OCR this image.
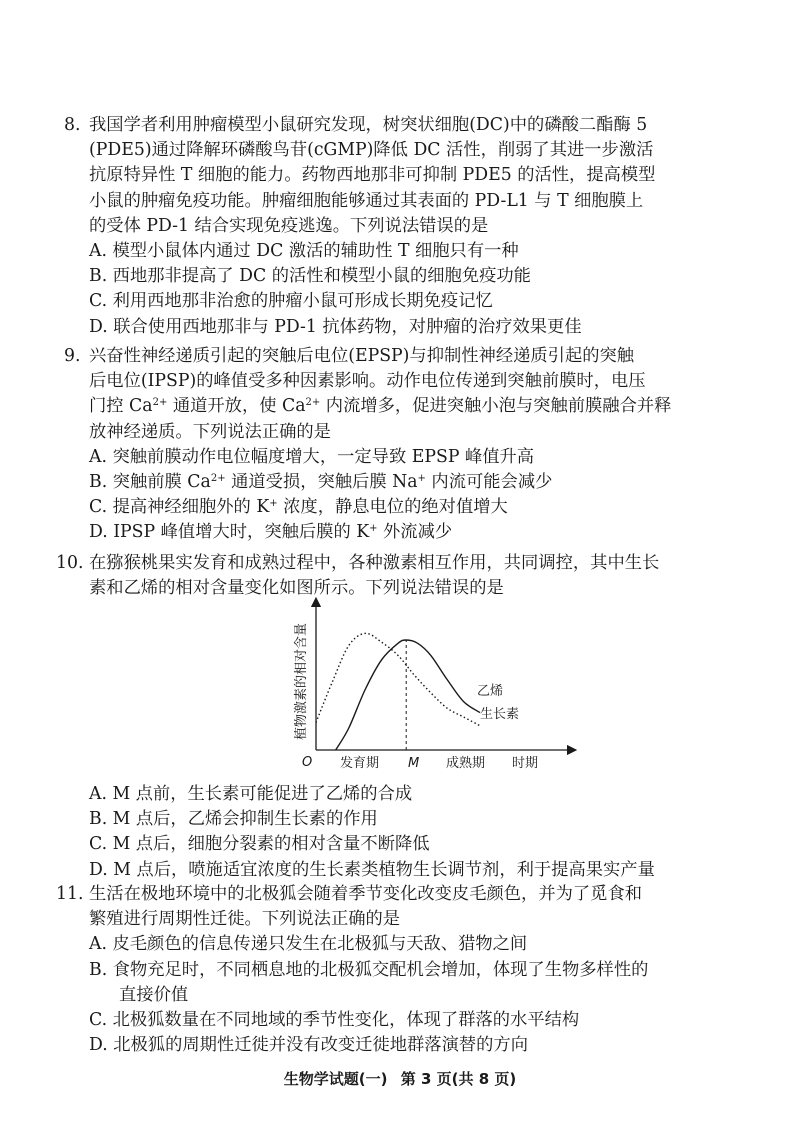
8. 我国学者利用肿瘤模型小鼠研究发现，树突状细胞(DC)中的磷酸二酯酶 5
(PDE5)通过降解环磷酸鸟苷(cGMP)降低 DC 活性，削弱了其进一步激活
抗原特异性 T 细胞的能力。药物西地那非可抑制 PDE5 的活性，提高模型
小鼠的肿瘤免疫功能。肿瘤细胞能够通过其表面的 PD-L1 与 T 细胞膜上
的受体 PD-1 结合实现免疫逃逸。下列说法错误的是

A. 模型小鼠体内通过 DC 激活的辅助性 T 细胞只有一种

B. 西地那非提高了 DC 的活性和模型小鼠的细胞免疫功能

C. 利用西地那非治愈的肿瘤小鼠可形成长期免疫记忆

D. 联合使用西地那非与 PD-1 抗体药物，对肿瘤的治疗效果更佳

9. 兴奋性神经递质引起的突触后电位(EPSP)与抑制性神经递质引起的突触
后电位(IPSP)的峰值受多种因素影响。动作电位传递到突触前膜时，电压
门控 $Ca^{2+}$ 通道开放，使 $Ca^{2+}$ 内流增多，促进突触小泡与突触前膜融合并释
放神经递质。下列说法正确的是

A. 突触前膜动作电位幅度增大，一定导致 EPSP 峰值升高

B. 突触前膜 $Ca^{2+}$ 通道受损，突触后膜 Na+ 内流可能会减少

C. 提高神经细胞外的 K+ 浓度，静息电位的绝对值增大

D. IPSP 峰值增大时，突触后膜的 K+ 外流减少

10. 在猕猴桃果实发育和成熟过程中，各种激素相互作用，共同调控，其中生长
素和乙烯的相对含量变化如图所示。下列说法错误的是

植物激素的相对含量
O 发育期 M 成熟期 时期
乙烯
生长素

A. M 点前，生长素可能促进了乙烯的合成

B. M 点后，乙烯会抑制生长素的作用

C. M 点后，细胞分裂素的相对含量不断降低

D. M 点后，喷施适宜浓度的生长素类植物生长调节剂，利于提高果实产量

11. 生活在极地环境中的北极狐会随着季节变化改变皮毛颜色，并为了觅食和
繁殖进行周期性迁徙。下列说法正确的是

A. 皮毛颜色的信息传递只发生在北极狐与天敌、猎物之间

B. 食物充足时，不同栖息地的北极狐交配机会增加，体现了生物多样性的
直接价值

C. 北极狐数量在不同地域的季节性变化，体现了群落的水平结构

D. 北极狐的周期性迁徙并没有改变迁徙地群落演替的方向

生物学试题(一) 第 3 页(共 8 页)
